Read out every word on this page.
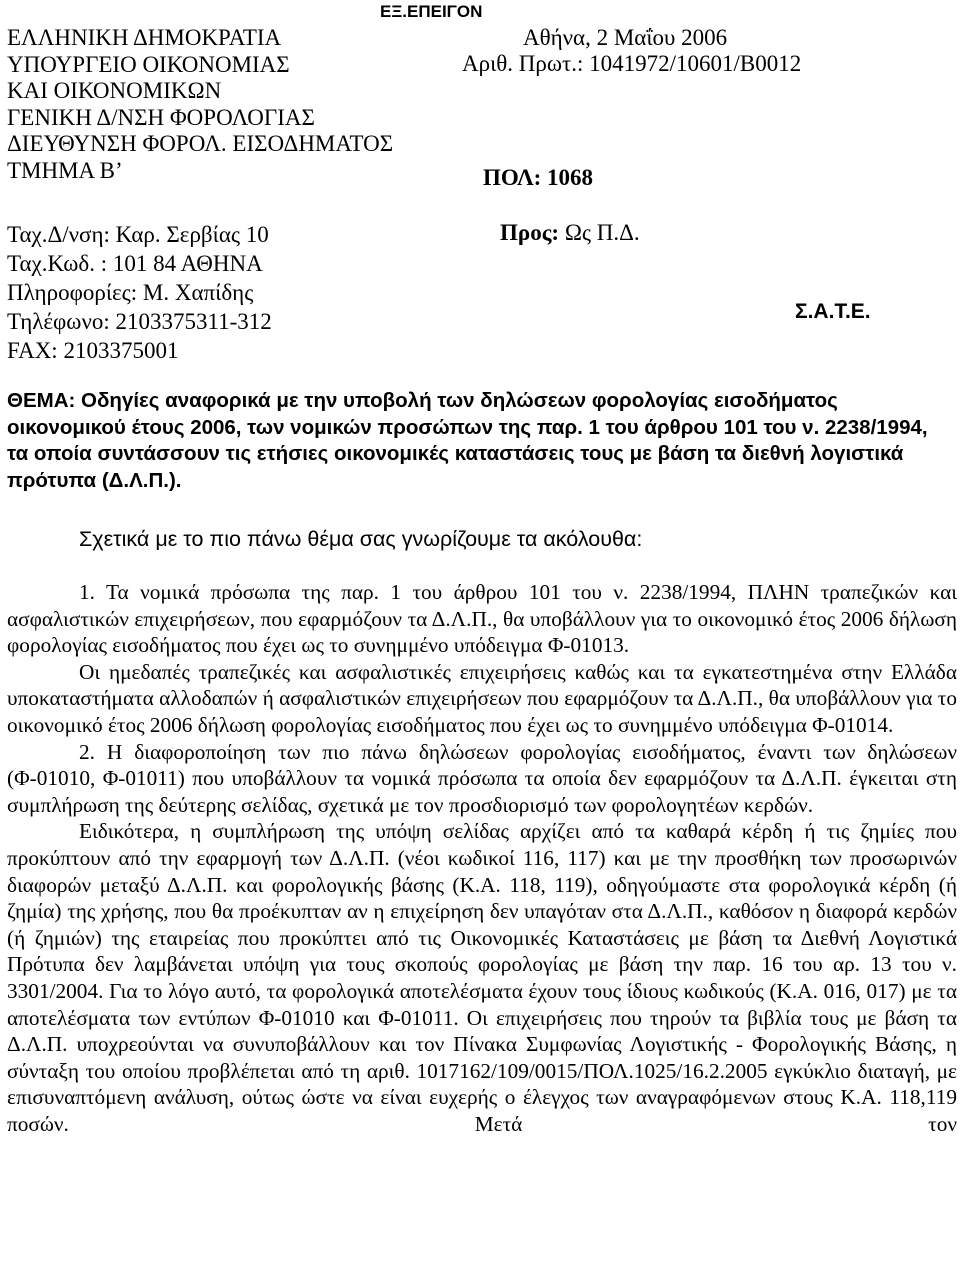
ΕΞ.ΕΠΕΙΓΟΝ
ΕΛΛΗΝΙΚΗ ΔΗΜΟΚΡΑΤΙΑ
ΥΠΟΥΡΓΕΙΟ ΟΙΚΟΝΟΜΙΑΣ
ΚΑΙ ΟΙΚΟΝΟΜΙΚΩΝ
ΓΕΝΙΚΗ Δ/ΝΣΗ ΦΟΡΟΛΟΓΙΑΣ
ΔΙΕΥΘΥΝΣΗ ΦΟΡΟΛ. ΕΙΣΟΔΗΜΑΤΟΣ
ΤΜΗΜΑ Β’
Αθήνα, 2 Μαΐου 2006
Αριθ. Πρωτ.: 1041972/10601/Β0012
ΠΟΛ: 1068
Ταχ.Δ/νση: Καρ. Σερβίας 10
Ταχ.Κωδ. : 101 84 ΑΘΗΝΑ
Πληροφορίες: Μ. Χαπίδης
Τηλέφωνο: 2103375311-312
FAX: 2103375001
Προς: Ως Π.Δ.
Σ.Α.Τ.Ε.
ΘΕΜΑ: Οδηγίες αναφορικά με την υποβολή των δηλώσεων φορολογίας εισοδήματος οικονομικού έτους 2006, των νομικών προσώπων της παρ. 1 του άρθρου 101 του ν. 2238/1994, τα οποία συντάσσουν τις ετήσιες οικονομικές καταστάσεις τους με βάση τα διεθνή λογιστικά πρότυπα (Δ.Λ.Π.).
Σχετικά με το πιο πάνω θέμα σας γνωρίζουμε τα ακόλουθα:

1. Τα νομικά πρόσωπα της παρ. 1 του άρθρου 101 του ν. 2238/1994, ΠΛΗΝ τραπεζικών και ασφαλιστικών επιχειρήσεων, που εφαρμόζουν τα Δ.Λ.Π., θα υποβάλλουν για το οικονομικό έτος 2006 δήλωση φορολογίας εισοδήματος που έχει ως το συνημμένο υπόδειγμα Φ-01013.

Οι ημεδαπές τραπεζικές και ασφαλιστικές επιχειρήσεις καθώς και τα εγκατεστημένα στην Ελλάδα υποκαταστήματα αλλοδαπών ή ασφαλιστικών επιχειρήσεων που εφαρμόζουν τα Δ.Λ.Π., θα υποβάλλουν για το οικονομικό έτος 2006 δήλωση φορολογίας εισοδήματος που έχει ως το συνημμένο υπόδειγμα Φ-01014.

2. Η διαφοροποίηση των πιο πάνω δηλώσεων φορολογίας εισοδήματος, έναντι των δηλώσεων (Φ-01010, Φ-01011) που υποβάλλουν τα νομικά πρόσωπα τα οποία δεν εφαρμόζουν τα Δ.Λ.Π. έγκειται στη συμπλήρωση της δεύτερης σελίδας, σχετικά με τον προσδιορισμό των φορολογητέων κερδών.

Ειδικότερα, η συμπλήρωση της υπόψη σελίδας αρχίζει από τα καθαρά κέρδη ή τις ζημίες που προκύπτουν από την εφαρμογή των Δ.Λ.Π. (νέοι κωδικοί 116, 117) και με την προσθήκη των προσωρινών διαφορών μεταξύ Δ.Λ.Π. και φορολογικής βάσης (Κ.Α. 118, 119), οδηγούμαστε στα φορολογικά κέρδη (ή ζημία) της χρήσης, που θα προέκυπταν αν η επιχείρηση δεν υπαγόταν στα Δ.Λ.Π., καθόσον η διαφορά κερδών (ή ζημιών) της εταιρείας που προκύπτει από τις Οικονομικές Καταστάσεις με βάση τα Διεθνή Λογιστικά Πρότυπα δεν λαμβάνεται υπόψη για τους σκοπούς φορολογίας με βάση την παρ. 16 του αρ. 13 του ν. 3301/2004. Για το λόγο αυτό, τα φορολογικά αποτελέσματα έχουν τους ίδιους κωδικούς (Κ.Α. 016, 017) με τα αποτελέσματα των εντύπων Φ-01010 και Φ-01011. Οι επιχειρήσεις που τηρούν τα βιβλία τους με βάση τα Δ.Λ.Π. υποχρεούνται να συνυποβάλλουν και τον Πίνακα Συμφωνίας Λογιστικής - Φορολογικής Βάσης, η σύνταξη του οποίου προβλέπεται από τη αριθ. 1017162/109/0015/ΠΟΛ.1025/16.2.2005 εγκύκλιο διαταγή, με επισυναπτόμενη ανάλυση, ούτως ώστε να είναι ευχερής ο έλεγχος των αναγραφόμενων στους Κ.Α. 118,119 ποσών. Μετά τον
